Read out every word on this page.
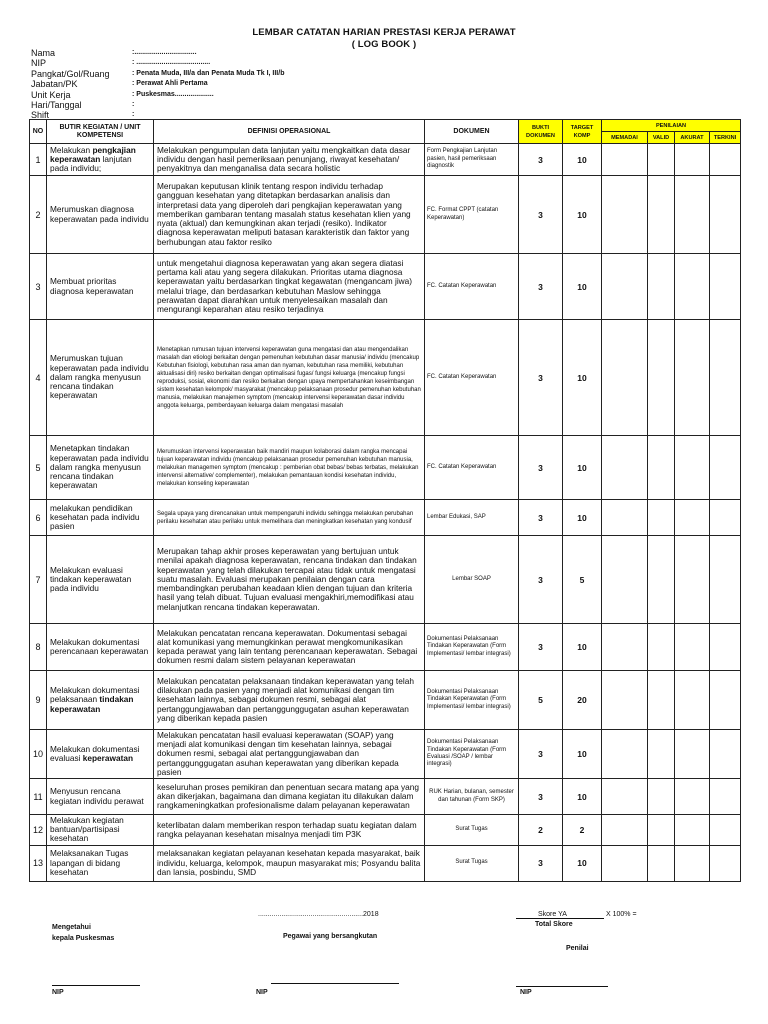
LEMBAR CATATAN HARIAN PRESTASI KERJA PERAWAT
( LOG BOOK )
Nama	:................................
NIP	: ......................................
Pangkat/Gol/Ruang	: Penata Muda, III/a dan Penata Muda Tk I, III/b
Jabatan/PK	: Perawat Ahli Pertama
Unit Kerja	: Puskesmas....................
Hari/Tanggal	:
Shift	:
NO	BUTIR KEGIATAN / UNIT KOMPETENSI	DEFINISI OPERASIONAL	DOKUMEN	BUKTI DOKUMEN	TARGET KOMP	PENILAIAN			
						MEMADAI	VALID	AKURAT	TERKINI
1	Melakukan pengkajian keperawatan lanjutan pada individu;	Melakukan pengumpulan data lanjutan yaitu mengkaitkan data dasar individu dengan hasil pemeriksaan penunjang, riwayat kesehatan/ penyakitnya dan menganalisa data secara holistic	Form Pengkajian Lanjutan pasien, hasil pemeriksaan diagnostik	3	10				
2	Merumuskan diagnosa keperawatan pada individu	Merupakan keputusan klinik tentang respon individu terhadap gangguan kesehatan yang ditetapkan berdasarkan analisis dan interpretasi data yang diperoleh dari pengkajian keperawatan yang memberikan gambaran tentang masalah status kesehatan klien yang nyata (aktual) dan kemungkinan akan terjadi (resiko). Indikator diagnosa keperawatan meliputi batasan karakteristik dan faktor yang berhubungan atau faktor resiko	FC. Format CPPT (catatan Keperawatan)	3	10				
3	Membuat prioritas diagnosa keperawatan	untuk mengetahui diagnosa keperawatan yang akan segera diatasi pertama kali atau yang segera dilakukan. Prioritas utama diagnosa keperawatan yaitu berdasarkan tingkat kegawatan (mengancam jiwa) melalui triage, dan berdasarkan kebutuhan Maslow sehingga perawatan dapat diarahkan untuk menyelesaikan masalah dan mengurangi keparahan atau resiko terjadinya	FC. Catatan Keperawatan	3	10				
4	Merumuskan tujuan keperawatan pada individu dalam rangka menyusun rencana tindakan keperawatan	Menetapkan rumusan tujuan intervensi keperawatan guna mengatasi dan atau mengendalikan masalah dan etiologi berkaitan dengan pemenuhan kebutuhan dasar manusia/ individu (mencakup Kebutuhan fisiologi, kebutuhan rasa aman dan nyaman, kebutuhan rasa memiliki, kebutuhan aktualisasi diri) resiko berkaitan dengan optimalisasi fugas/ fungsi keluarga (mencakup fungsi reproduksi, sosial, ekonomi dan resiko berkaitan dengan upaya mempertahankan keseimbangan sistem kesehatan kelompok/ masyarakat (mencakup pelaksanaan prosedur pemenuhan kebutuhan manusia, melakukan manajemen symptom (mencakup intervensi keperawatan dasar individu anggota keluarga, pemberdayaan keluarga dalam mengatasi masalah	FC. Catatan Keperawatan	3	10				
5	Menetapkan tindakan keperawatan pada individu dalam rangka menyusun rencana tindakan keperawatan	Merumuskan intervensi keperawatan baik mandiri maupun kolaborasi dalam rangka mencapai tujuan keperawatan individu (mencakup pelaksanaan prosedur pemenuhan kebutuhan manusia, melakukan managemen symptom (mencakup : pemberian obat bebas/ bebas terbatas, melakukan intervensi alternative/ complementer), melakukan pemantauan kondisi kesehatan individu, melakukan konseling keperawatan	FC. Catatan Keperawatan	3	10				
6	melakukan pendidikan kesehatan pada individu pasien	Segala upaya yang direncanakan untuk mempengaruhi individu sehingga melakukan perubahan perilaku kesehatan atau perilaku untuk memelihara dan meningkatkan kesehatan yang kondusif	Lembar Edukasi, SAP	3	10				
7	Melakukan evaluasi tindakan keperawatan pada individu	Merupakan tahap akhir proses keperawatan yang bertujuan untuk menilai apakah diagnosa keperawatan, rencana tindakan dan tindakan keperawatan yang telah dilakukan tercapai atau tidak untuk mengatasi suatu masalah. Evaluasi merupakan penilaian dengan cara membandingkan perubahan keadaan klien dengan tujuan dan kriteria hasil yang telah dibuat. Tujuan evaluasi mengakhiri,memodifikasi atau melanjutkan rencana tindakan keperawatan.	Lembar SOAP	3	5				
8	Melakukan dokumentasi perencanaan keperawatan	Melakukan pencatatan rencana keperawatan. Dokumentasi sebagai alat komunikasi yang memungkinkan perawat mengkomunikasikan kepada perawat yang lain tentang perencanaan keperawatan. Sebagai dokumen resmi dalam sistem pelayanan keperawatan	Dokumentasi Pelaksanaan Tindakan Keperawatan (Form Implementasi/ lembar integrasi)	3	10				
9	Melakukan dokumentasi pelaksanaan tindakan keperawatan	Melakukan pencatatan pelaksanaan tindakan keperawatan yang telah dilakukan pada pasien yang menjadi alat komunikasi dengan tim kesehatan lainnya, sebagai dokumen resmi, sebagai alat pertanggungjawaban dan pertanggunggugatan asuhan keperawatan yang diberikan kepada pasien	Dokumentasi Pelaksanaan Tindakan Keperawatan (Form Implementasi/ lembar integrasi)	5	20				
10	Melakukan dokumentasi evaluasi keperawatan	Melakukan pencatatan hasil evaluasi keperawatan (SOAP) yang menjadi alat komunikasi dengan tim kesehatan lainnya, sebagai dokumen resmi, sebagai alat pertanggungjawaban dan pertanggunggugatan asuhan keperawatan yang diberikan kepada pasien	Dokumentasi Pelaksanaan Tindakan Keperawatan (Form Evaluasi /SOAP / lembar integrasi)	3	10				
11	Menyusun rencana kegiatan individu perawat	keseluruhan proses pemikiran dan penentuan secara matang apa yang akan dikerjakan, bagaimana dan dimana kegiatan itu dilakukan dalam rangkameningkatkan profesionalisme dalam pelayanan keperawatan	RUK Harian, bulanan, semester dan tahunan (Form SKP)	3	10				
12	Melakukan kegiatan bantuan/partisipasi kesehatan	keterlibatan dalam memberikan respon terhadap suatu kegiatan dalam rangka pelayanan kesehatan misalnya menjadi tim P3K	Surat Tugas	2	2				
13	Melaksanakan Tugas lapangan di bidang kesehatan	melaksanakan kegiatan pelayanan kesehatan kepada masyarakat, baik individu, keluarga, kelompok, maupun masyarakat mis; Posyandu balita dan lansia, posbindu, SMD	Surat Tugas	3	10				
......................................................2018	Skore YA	X 100% =
Total Skore
Mengetahui
kepala Puskesmas	Pegawai yang bersangkutan
Penilai
NIP	NIP	NIP
